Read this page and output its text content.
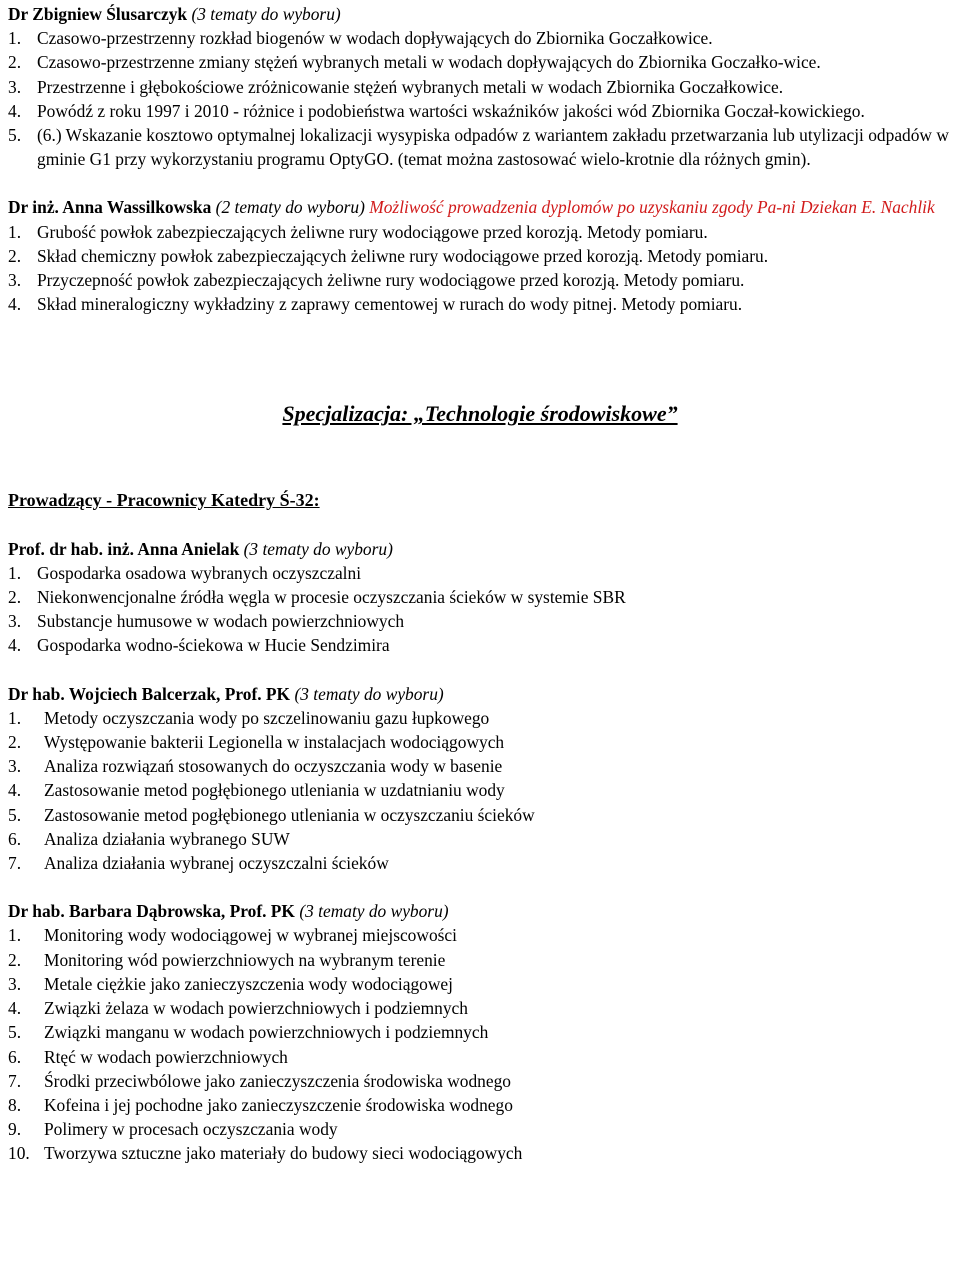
Dr Zbigniew Ślusarczyk (3 tematy do wyboru)
1. Czasowo-przestrzenny rozkład biogenów w wodach dopływających do Zbiornika Goczałkowice.
2. Czasowo-przestrzenne zmiany stężeń wybranych metali w wodach dopływających do Zbiornika Goczałko-wice.
3. Przestrzenne i głębokościowe zróżnicowanie stężeń wybranych metali w wodach Zbiornika Goczałkowice.
4. Powódź z roku 1997 i 2010 - różnice i podobieństwa wartości wskaźników jakości wód Zbiornika Goczał-kowickiego.
5. (6.) Wskazanie kosztowo optymalnej lokalizacji wysypiska odpadów z wariantem zakładu przetwarzania lub utylizacji odpadów w gminie G1 przy wykorzystaniu programu OptyGO. (temat można zastosować wielo-krotnie dla różnych gmin).
Dr inż. Anna Wassilkowska (2 tematy do wyboru) Możliwość prowadzenia dyplomów po uzyskaniu zgody Pa-ni Dziekan E. Nachlik
1. Grubość powłok zabezpieczających żeliwne rury wodociągowe przed korozją. Metody pomiaru.
2. Skład chemiczny powłok zabezpieczających żeliwne rury wodociągowe przed korozją. Metody pomiaru.
3. Przyczepność powłok zabezpieczających żeliwne rury wodociągowe przed korozją. Metody pomiaru.
4. Skład mineralogiczny wykładziny z zaprawy cementowej w rurach do wody pitnej. Metody pomiaru.
Specjalizacja: „Technologie środowiskowe”
Prowadzący - Pracownicy Katedry Ś-32:
Prof. dr hab. inż. Anna Anielak (3 tematy do wyboru)
1. Gospodarka osadowa wybranych oczyszczalni
2. Niekonwencjonalne źródła węgla w procesie oczyszczania ścieków w systemie SBR
3. Substancje humusowe w wodach powierzchniowych
4. Gospodarka wodno-ściekowa w Hucie Sendzimira
Dr hab. Wojciech Balcerzak, Prof. PK (3 tematy do wyboru)
1.	Metody oczyszczania wody po szczelinowaniu gazu łupkowego
2.	Występowanie bakterii Legionella w instalacjach wodociągowych
3.	Analiza rozwiązań stosowanych do oczyszczania wody w basenie
4.	Zastosowanie metod pogłębionego utleniania w uzdatnianiu wody
5.	Zastosowanie metod pogłębionego utleniania w oczyszczaniu ścieków
6.	Analiza działania wybranego SUW
7.	Analiza działania wybranej oczyszczalni ścieków
Dr hab. Barbara Dąbrowska, Prof. PK (3 tematy do wyboru)
1.	Monitoring wody wodociągowej w wybranej miejscowości
2.	Monitoring wód powierzchniowych na wybranym terenie
3.	Metale ciężkie jako zanieczyszczenia wody wodociągowej
4.	Związki żelaza w wodach powierzchniowych i podziemnych
5.	Związki manganu w wodach powierzchniowych i podziemnych
6.	Rtęć w wodach powierzchniowych
7.	Środki przeciwbólowe jako zanieczyszczenia środowiska wodnego
8.	Kofeina i jej pochodne jako zanieczyszczenie środowiska wodnego
9.	Polimery w procesach oczyszczania wody
10. Tworzywa sztuczne jako materiały do budowy sieci wodociągowych
